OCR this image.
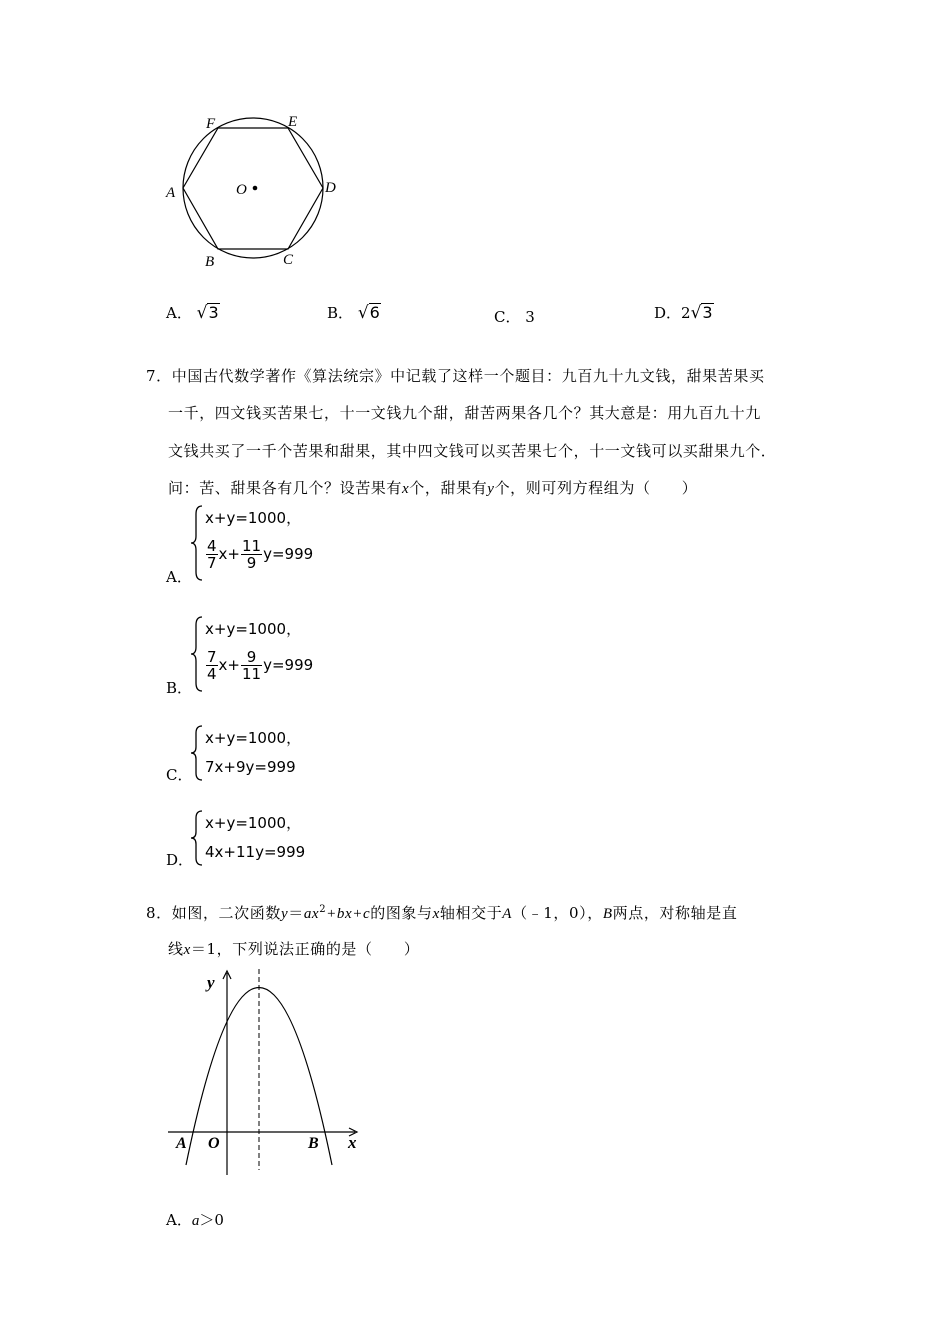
F	E
A	O	D
B	C
A． √3	B． √6	C． 3	D．2√3
7．中国古代数学著作《算法统宗》中记载了这样一个题目：九百九十九文钱，甜果苦果买
一千，四文钱买苦果七，十一文钱九个甜，甜苦两果各几个？其大意是：用九百九十九
文钱共买了一千个苦果和甜果，其中四文钱可以买苦果七个，十一文钱可以买甜果九个．
问：苦、甜果各有几个？设苦果有x个，甜果有y个，则可列方程组为（　　）
A．
x+y=1000，
$\frac{4}{7} x+ \frac{11}{9} y=999$
B．
x+y=1000，
$\frac{7}{4} x+ \frac{9}{11} y=999$
C．
x+y=1000，
7x+9y=999
D．
x+y=1000，
4x+11y=999
8．如图，二次函数$y=ax^2+bx+c$的图象与x轴相交于A（﹣1，0），B两点，对称轴是直
线x＝1，下列说法正确的是（　　）
y
A O	B x
A．a＞0
